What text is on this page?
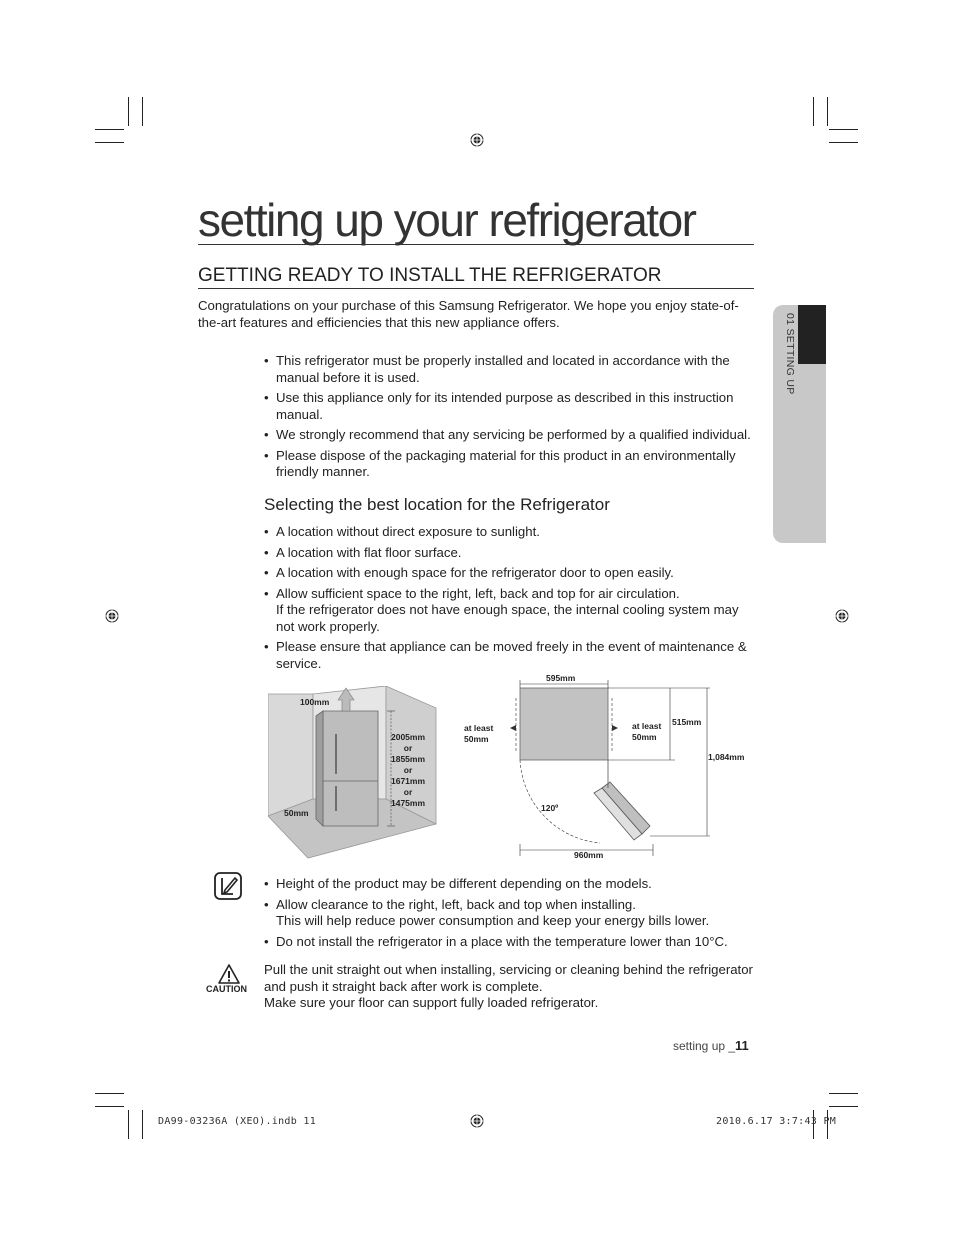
setting up your refrigerator
GETTING READY TO INSTALL THE REFRIGERATOR

Congratulations on your purchase of this Samsung Refrigerator. We hope you enjoy state-of-the-art features and efficiencies that this new appliance offers.

• This refrigerator must be properly installed and located in accordance with the manual before it is used.
• Use this appliance only for its intended purpose as described in this instruction manual.
• We strongly recommend that any servicing be performed by a qualified individual.
• Please dispose of the packaging material for this product in an environmentally friendly manner.
Selecting the best location for the Refrigerator
• A location without direct exposure to sunlight.
• A location with flat floor surface.
• A location with enough space for the refrigerator door to open easily.
• Allow sufficient space to the right, left, back and top for air circulation.
If the refrigerator does not have enough space, the internal cooling system may not work properly.
• Please ensure that appliance can be moved freely in the event of maintenance & service.
01 SETTING UP
100mm
50mm
2005mm
or
1855mm
or
1671mm
or
1475mm
595mm
515mm
at least
50mm
at least
50mm
1,084mm
120º
960mm
• Height of the product may be different depending on the models.
• Allow clearance to the right, left, back and top when installing.
This will help reduce power consumption and keep your energy bills lower.
• Do not install the refrigerator in a place with the temperature lower than 10°C.
CAUTION

Pull the unit straight out when installing, servicing or cleaning behind the refrigerator and push it straight back after work is complete.
Make sure your floor can support fully loaded refrigerator.

setting up _11
DA99-03236A (XEO).indb 11	2010.6.17 3:7:43 PM
